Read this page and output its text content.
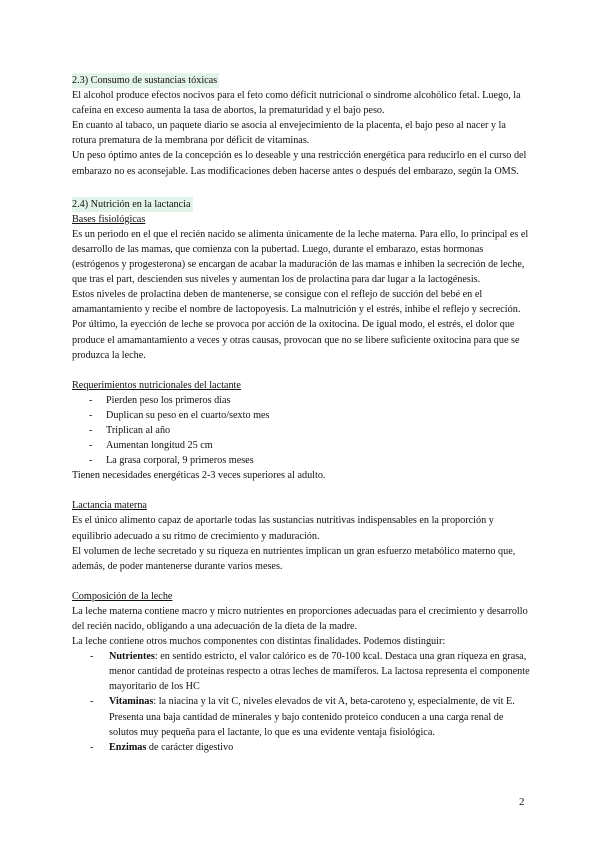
2.3) Consumo de sustancias tóxicas

El alcohol produce efectos nocivos para el feto como déficit nutricional o síndrome alcohólico fetal. Luego, la cafeína en exceso aumenta la tasa de abortos, la prematuridad y el bajo peso.

En cuanto al tabaco, un paquete diario se asocia al envejecimiento de la placenta, el bajo peso al nacer y la rotura prematura de la membrana por déficit de vitaminas.

Un peso óptimo antes de la concepción es lo deseable y una restricción energética para reducirlo en el curso del embarazo no es aconsejable. Las modificaciones deben hacerse antes o después del embarazo, según la OMS.

2.4) Nutrición en la lactancia

Bases fisiológicas

Es un periodo en el que el recién nacido se alimenta únicamente de la leche materna. Para ello, lo principal es el desarrollo de las mamas, que comienza con la pubertad. Luego, durante el embarazo, estas hormonas (estrógenos y progesterona) se encargan de acabar la maduración de las mamas e inhiben la secreción de leche, que tras el part, descienden sus niveles y aumentan los de prolactina para dar lugar a la lactogénesis.

Estos niveles de prolactina deben de mantenerse, se consigue con el reflejo de succión del bebé en el amamantamiento y recibe el nombre de lactopoyesis. La malnutrición y el estrés, inhibe el reflejo y secreción.

Por último, la eyección de leche se provoca por acción de la oxitocina. De igual modo, el estrés, el dolor que produce el amamantamiento a veces y otras causas, provocan que no se libere suficiente oxitocina para que se produzca la leche.

Requerimientos nutricionales del lactante

- Pierden peso los primeros días
- Duplican su peso en el cuarto/sexto mes
- Triplican al año
- Aumentan longitud 25 cm
- La grasa corporal, 9 primeros meses

Tienen necesidades energéticas 2-3 veces superiores al adulto.

Lactancia materna

Es el único alimento capaz de aportarle todas las sustancias nutritivas indispensables en la proporción y equilibrio adecuado a su ritmo de crecimiento y maduración.

El volumen de leche secretado y su riqueza en nutrientes implican un gran esfuerzo metabólico materno que, además, de poder mantenerse durante varios meses.

Composición de la leche

La leche materna contiene macro y micro nutrientes en proporciones adecuadas para el crecimiento y desarrollo del recién nacido, obligando a una adecuación de la dieta de la madre.

La leche contiene otros muchos componentes con distintas finalidades. Podemos distinguir:

- Nutrientes: en sentido estricto, el valor calórico es de 70-100 kcal. Destaca una gran riqueza en grasa, menor cantidad de proteínas respecto a otras leches de mamíferos. La lactosa representa el componente mayoritario de los HC
- Vitaminas: la niacina y la vit C, niveles elevados de vit A, beta-caroteno y, especialmente, de vit E. Presenta una baja cantidad de minerales y bajo contenido proteico conducen a una carga renal de solutos muy pequeña para el lactante, lo que es una evidente ventaja fisiológica.
- Enzimas de carácter digestivo
2
